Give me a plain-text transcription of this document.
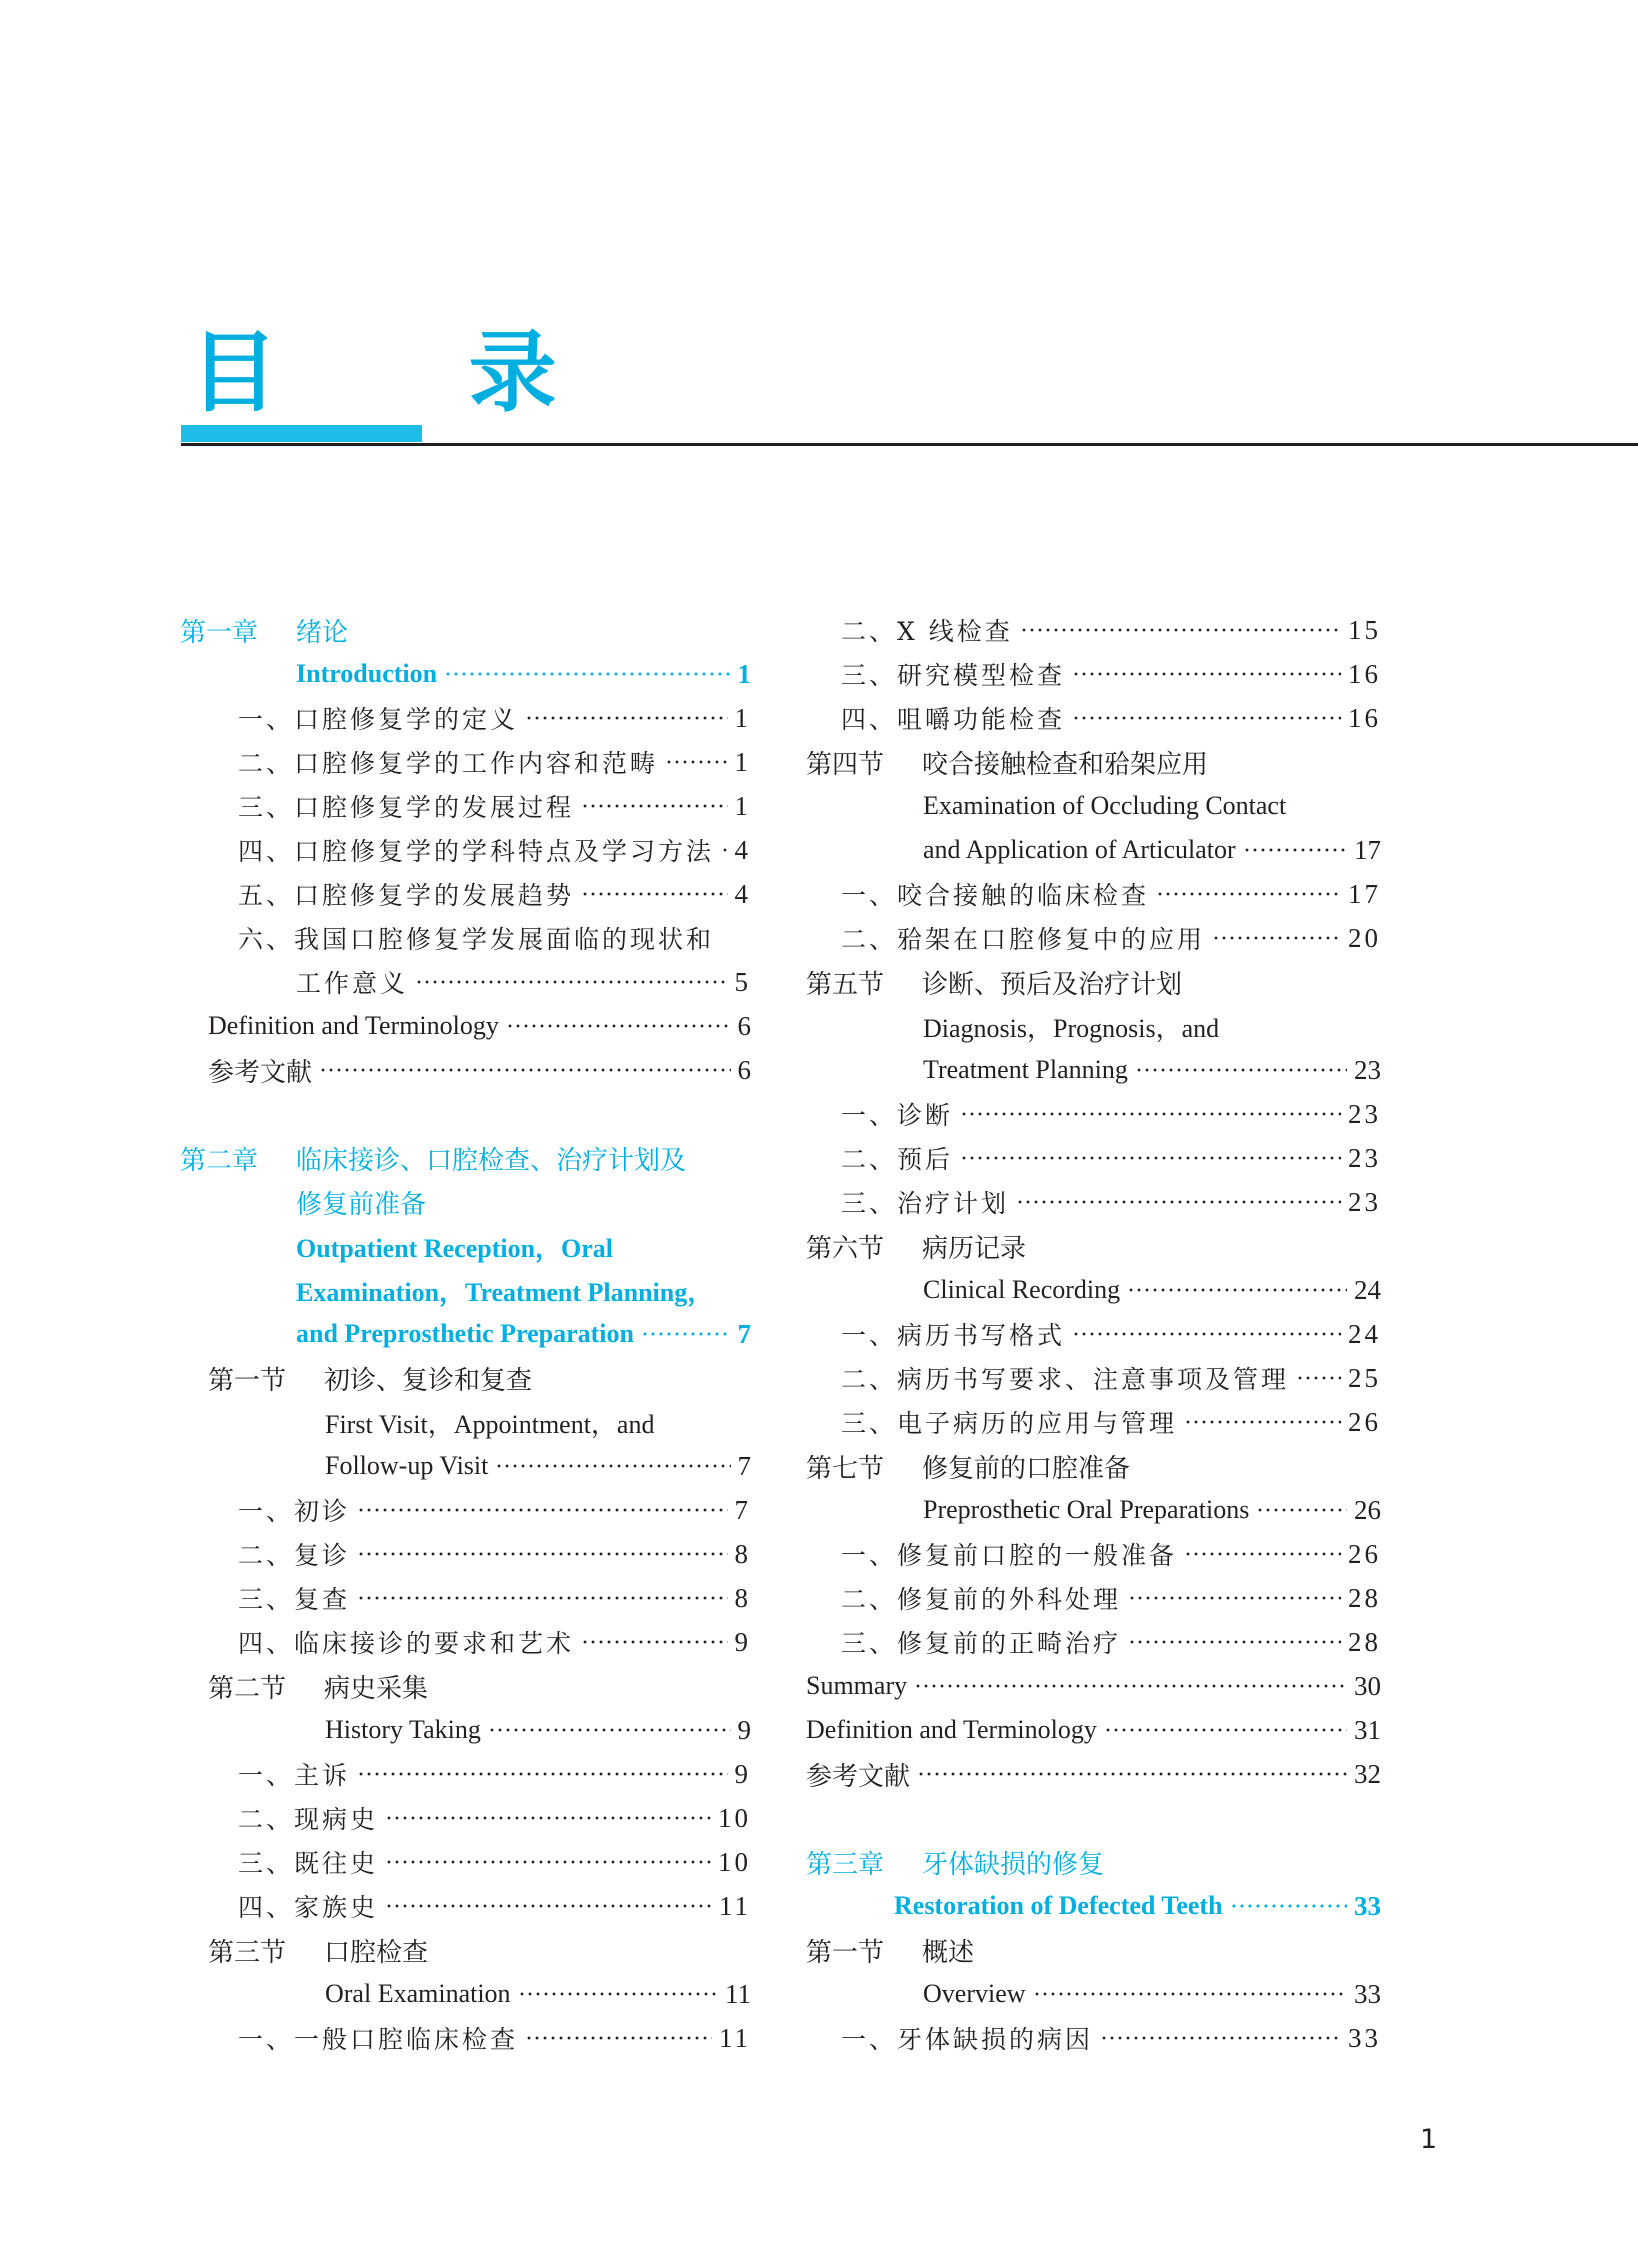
目 录
第一章 绪论
Introduction	1
一、口腔修复学的定义	1
二、口腔修复学的工作内容和范畴	1
三、口腔修复学的发展过程	1
四、口腔修复学的学科特点及学习方法 4
五、口腔修复学的发展趋势	4
六、我国口腔修复学发展面临的现状和
工作意义	5
Definition and Terminology	6
参考文献	6
第二章 临床接诊、口腔检查、治疗计划及
修复前准备
Outpatient Reception，Oral
Examination，Treatment Planning，
and Preprosthetic Preparation	7
第一节 初诊、复诊和复查
First Visit，Appointment，and
Follow-up Visit	7
一、初诊	7
二、复诊	8
三、复查	8
四、临床接诊的要求和艺术	9
第二节 病史采集
History Taking	9
一、主诉	9
二、现病史	10
三、既往史	10
四、家族史	11
第三节 口腔检查
Oral Examination	11
一、一般口腔临床检查	11
二、X 线检查	15
三、研究模型检查	16
四、咀嚼功能检查	16
第四节 咬合接触检查和𬌗架应用
Examination of Occluding Contact
and Application of Articulator	17
一、咬合接触的临床检查	17
二、𬌗架在口腔修复中的应用	20
第五节 诊断、预后及治疗计划
Diagnosis，Prognosis，and
Treatment Planning	23
一、诊断	23
二、预后	23
三、治疗计划	23
第六节 病历记录
Clinical Recording	24
一、病历书写格式	24
二、病历书写要求、注意事项及管理 25
三、电子病历的应用与管理	26
第七节 修复前的口腔准备
Preprosthetic Oral Preparations	26
一、修复前口腔的一般准备	26
二、修复前的外科处理	28
三、修复前的正畸治疗	28
Summary	30
Definition and Terminology	31
参考文献	32
第三章 牙体缺损的修复
Restoration of Defected Teeth	33
第一节 概述
Overview	33
一、牙体缺损的病因	33
1
